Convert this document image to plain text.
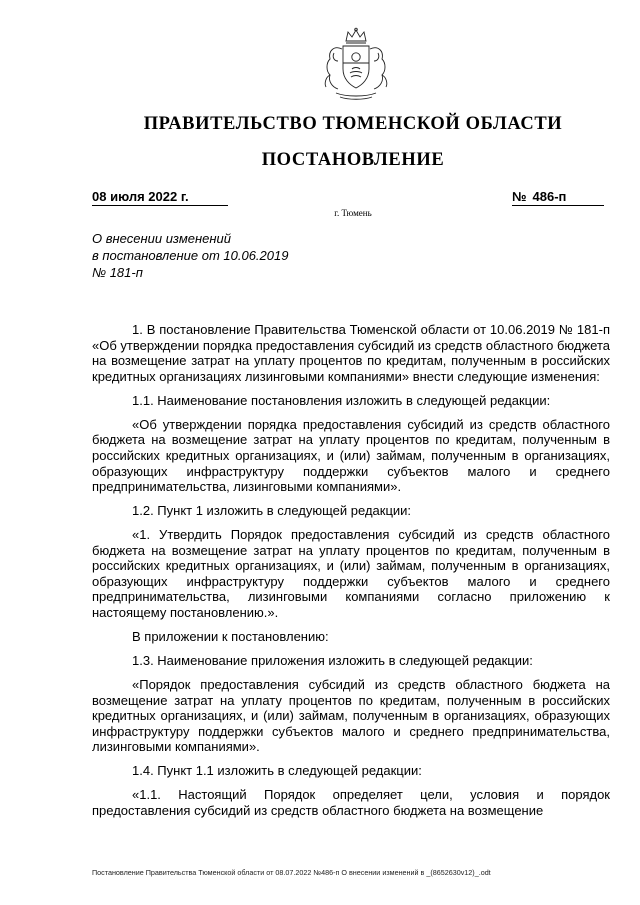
ПРАВИТЕЛЬСТВО ТЮМЕНСКОЙ ОБЛАСТИ
ПОСТАНОВЛЕНИЕ
08 июля 2022 г.	№ 486-п
г. Тюмень
О внесении изменений
в постановление от 10.06.2019
№ 181-п

1. В постановление Правительства Тюменской области от 10.06.2019 № 181-п «Об утверждении порядка предоставления субсидий из средств областного бюджета на возмещение затрат на уплату процентов по кредитам, полученным в российских кредитных организациях лизинговыми компаниями» внести следующие изменения:

1.1. Наименование постановления изложить в следующей редакции:

«Об утверждении порядка предоставления субсидий из средств областного бюджета на возмещение затрат на уплату процентов по кредитам, полученным в российских кредитных организациях, и (или) займам, полученным в организациях, образующих инфраструктуру поддержки субъектов малого и среднего предпринимательства, лизинговыми компаниями».

1.2. Пункт 1 изложить в следующей редакции:

«1. Утвердить Порядок предоставления субсидий из средств областного бюджета на возмещение затрат на уплату процентов по кредитам, полученным в российских кредитных организациях, и (или) займам, полученным в организациях, образующих инфраструктуру поддержки субъектов малого и среднего предпринимательства, лизинговыми компаниями согласно приложению к настоящему постановлению.».

В приложении к постановлению:

1.3. Наименование приложения изложить в следующей редакции:

«Порядок предоставления субсидий из средств областного бюджета на возмещение затрат на уплату процентов по кредитам, полученным в российских кредитных организациях, и (или) займам, полученным в организациях, образующих инфраструктуру поддержки субъектов малого и среднего предпринимательства, лизинговыми компаниями».

1.4. Пункт 1.1 изложить в следующей редакции:

«1.1. Настоящий Порядок определяет цели, условия и порядок предоставления субсидий из средств областного бюджета на возмещение

Постановление Правительства Тюменской области от 08.07.2022 №486-п О внесении изменений в _(8652630v12)_.odt
